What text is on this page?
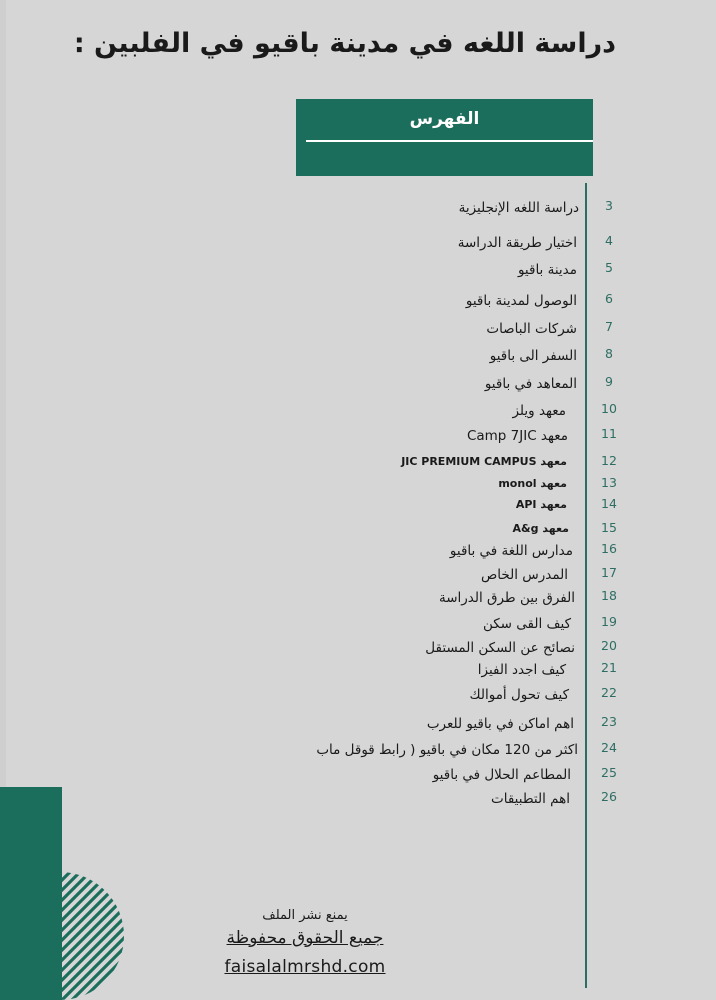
دراسة اللغه في مدينة باقيو في الفلبين :
الفهرس
دراسة اللغه الإنجليزية	3
اختيار طريقة الدراسة	4
مدينة باقيو	5
الوصول لمدينة باقيو	6
شركات الباصات	7
السفر الى باقيو	8
المعاهد في باقيو	9
معهد ويلز	10
معهد Camp 7JIC	11
معهد JIC PREMIUM CAMPUS	12
معهد monol	13
معهد API	14
معهد A&g	15
مدارس اللغة في باقيو 16
المدرس الخاص	17
الفرق بين طرق الدراسة 18
كيف القى سكن 19
نصائح عن السكن المستقل 20
كيف اجدد الفيزا	21
كيف تحول أموالك	22
اهم اماكن في باقيو للعرب 23
اكثر من 120 مكان في باقيو ( رابط قوقل ماب 24
المطاعم الحلال في باقيو 25
اهم التطبيقات 26
يمنع نشر الملف
جميع الحقوق محفوظة
faisalalmrshd.com
